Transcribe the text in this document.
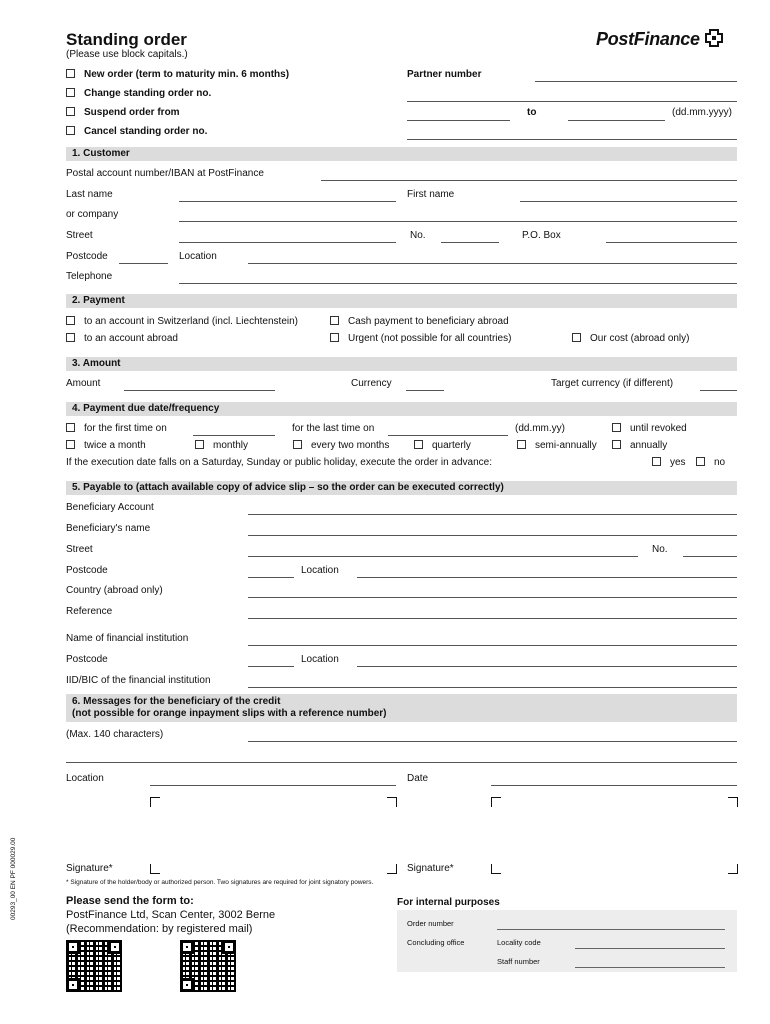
Standing order
(Please use block capitals.)
PostFinance
New order (term to maturity min. 6 months)
Change standing order no.
Suspend order from
Cancel standing order no.
Partner number
to	(dd.mm.yyyy)
1. Customer
Postal account number/IBAN at PostFinance
Last name	First name
or company
Street	No.	P.O. Box
Postcode	Location
Telephone
2. Payment
to an account in Switzerland (incl. Liechtenstein)	Cash payment to beneficiary abroad
to an account abroad	Urgent (not possible for all countries)	Our cost (abroad only)
3. Amount
Amount	Currency	Target currency (if different)
4. Payment due date/frequency
for the first time on	for the last time on	(dd.mm.yy)	until revoked
twice a month	monthly	every two months	quarterly	semi-annually	annually
If the execution date falls on a Saturday, Sunday or public holiday, execute the order in advance:	yes	no
5. Payable to (attach available copy of advice slip – so the order can be executed correctly)
Beneficiary Account
Beneficiary's name
Street	No.
Postcode	Location
Country (abroad only)
Reference
Name of financial institution
Postcode	Location
IID/BIC of the financial institution
6. Messages for the beneficiary of the credit
(not possible for orange inpayment slips with a reference number)
(Max. 140 characters)
Location	Date
Signature*	Signature*
* Signature of the holder/body or authorized person. Two signatures are required for joint signatory powers.
00293_00 EN PF 000029.00	Please send the form to:
PostFinance Ltd, Scan Center, 3002 Berne
(Recommendation: by registered mail)
For internal purposes
Order number
Concluding office	Locality code
Staff number
